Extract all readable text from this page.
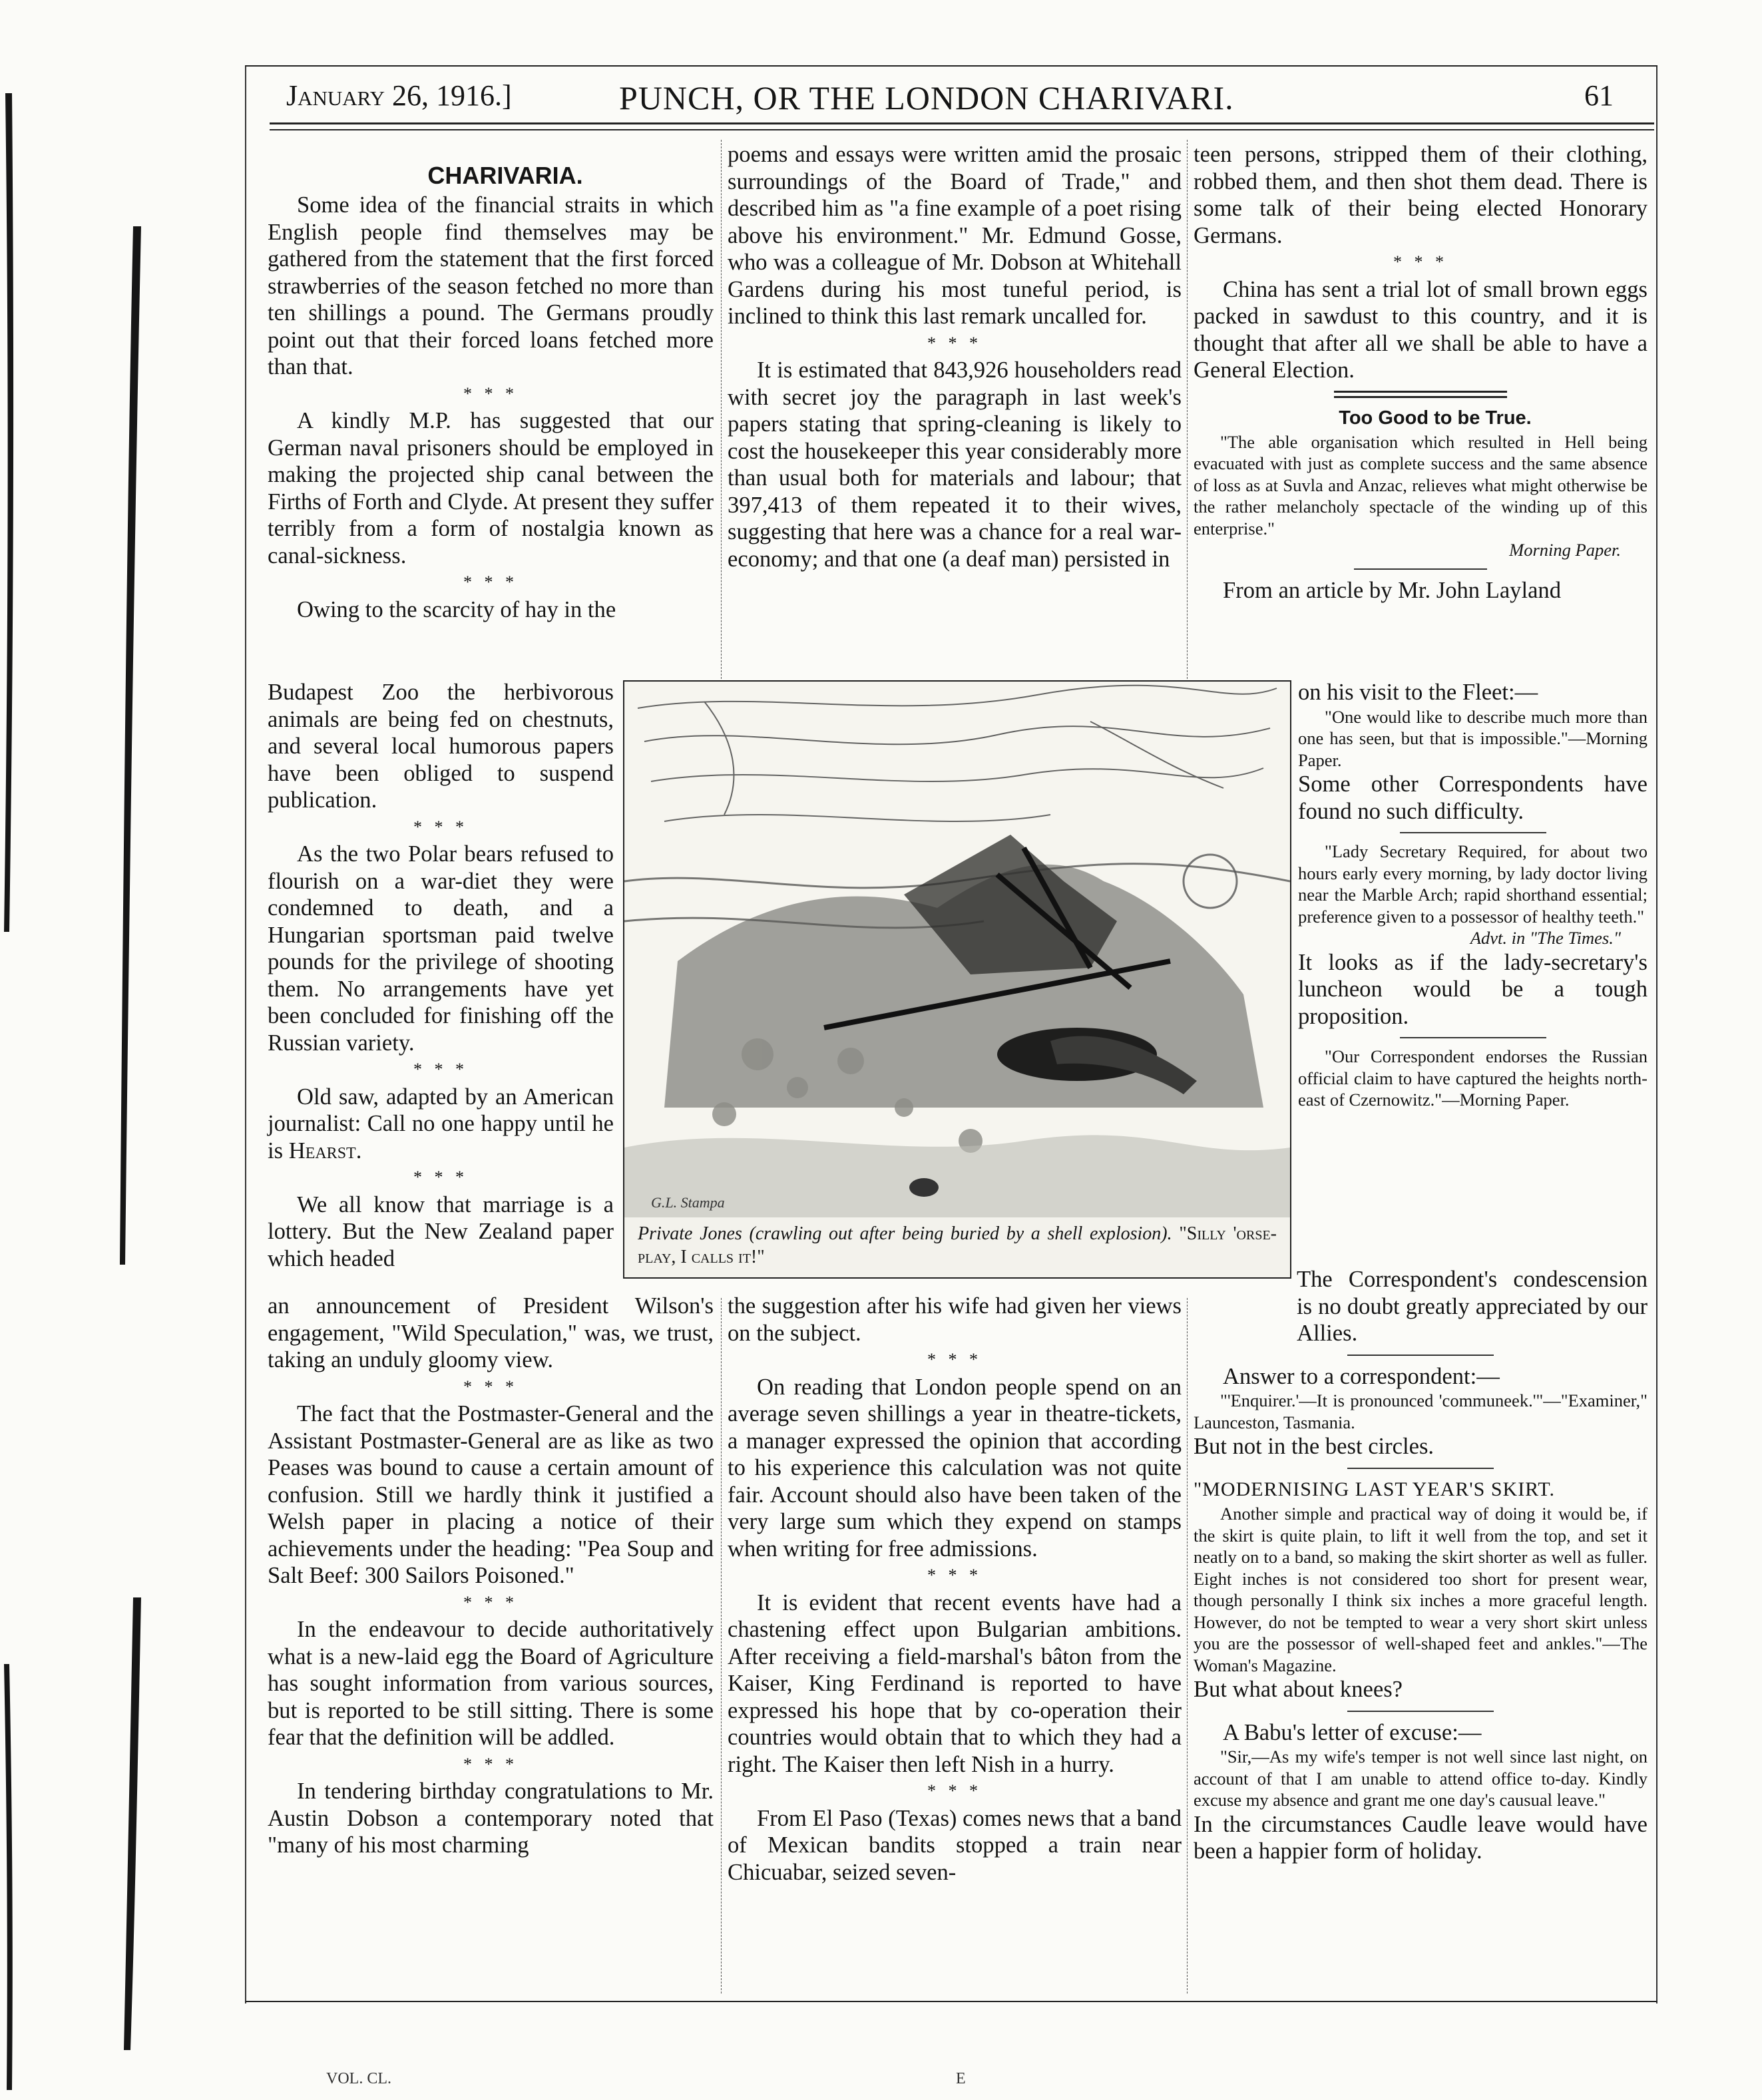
January 26, 1916.]	PUNCH, OR THE LONDON CHARIVARI.	61

CHARIVARIA.

Some idea of the financial straits in which English people find themselves may be gathered from the statement that the first forced strawberries of the season fetched no more than ten shillings a pound. The Germans proudly point out that their forced loans fetched more than that.

* * *

A kindly M.P. has suggested that our German naval prisoners should be employed in making the projected ship canal between the Firths of Forth and Clyde. At present they suffer terribly from a form of nostalgia known as canal-sickness.

* * *

Owing to the scarcity of hay in the

Budapest Zoo the herbivorous animals are being fed on chestnuts, and several local humorous papers have been obliged to suspend publication.

* * *

As the two Polar bears refused to flourish on a war-diet they were condemned to death, and a Hungarian sportsman paid twelve pounds for the privilege of shooting them. No arrangements have yet been concluded for finishing off the Russian variety.

* * *

Old saw, adapted by an American journalist: Call no one happy until he is Hearst.

* * *

We all know that marriage is a lottery. But the New Zealand paper which headed

an announcement of President Wilson's engagement, "Wild Speculation," was, we trust, taking an unduly gloomy view.

* * *

The fact that the Postmaster-General and the Assistant Postmaster-General are as like as two Peases was bound to cause a certain amount of confusion. Still we hardly think it justified a Welsh paper in placing a notice of their achievements under the heading: "Pea Soup and Salt Beef: 300 Sailors Poisoned."

* * *

In the endeavour to decide authoritatively what is a new-laid egg the Board of Agriculture has sought information from various sources, but is reported to be still sitting. There is some fear that the definition will be addled.

* * *

In tendering birthday congratulations to Mr. Austin Dobson a contemporary noted that "many of his most charming

poems and essays were written amid the prosaic surroundings of the Board of Trade," and described him as "a fine example of a poet rising above his environment." Mr. Edmund Gosse, who was a colleague of Mr. Dobson at Whitehall Gardens during his most tuneful period, is inclined to think this last remark uncalled for.

* * *

It is estimated that 843,926 householders read with secret joy the paragraph in last week's papers stating that spring-cleaning is likely to cost the housekeeper this year considerably more than usual both for materials and labour; that 397,413 of them repeated it to their wives, suggesting that here was a chance for a real war-economy; and that one (a deaf man) persisted in

the suggestion after his wife had given her views on the subject.

* * *

On reading that London people spend on an average seven shillings a year in theatre-tickets, a manager expressed the opinion that according to his experience this calculation was not quite fair. Account should also have been taken of the very large sum which they expend on stamps when writing for free admissions.

* * *

It is evident that recent events have had a chastening effect upon Bulgarian ambitions. After receiving a field-marshal's bâton from the Kaiser, King Ferdinand is reported to have expressed his hope that by co-operation their countries would obtain that to which they had a right. The Kaiser then left Nish in a hurry.

* * *

From El Paso (Texas) comes news that a band of Mexican bandits stopped a train near Chicuabar, seized seven-

teen persons, stripped them of their clothing, robbed them, and then shot them dead. There is some talk of their being elected Honorary Germans.

* * *

China has sent a trial lot of small brown eggs packed in sawdust to this country, and it is thought that after all we shall be able to have a General Election.

Too Good to be True.

"The able organisation which resulted in Hell being evacuated with just as complete success and the same absence of loss as at Suvla and Anzac, relieves what might otherwise be the rather melancholy spectacle of the winding up of this enterprise."

Morning Paper.

From an article by Mr. John Layland

on his visit to the Fleet:—

"One would like to describe much more than one has seen, but that is impossible."—Morning Paper.

Some other Correspondents have found no such difficulty.

"Lady Secretary Required, for about two hours early every morning, by lady doctor living near the Marble Arch; rapid shorthand essential; preference given to a possessor of healthy teeth."

Advt. in "The Times."

It looks as if the lady-secretary's luncheon would be a tough proposition.

"Our Correspondent endorses the Russian official claim to have captured the heights north-east of Czernowitz."—Morning Paper.

The Correspondent's condescension is no doubt greatly appreciated by our Allies.

Answer to a correspondent:—

"'Enquirer.'—It is pronounced 'communeek.'"—"Examiner," Launceston, Tasmania.

But not in the best circles.

"MODERNISING LAST YEAR'S SKIRT.

Another simple and practical way of doing it would be, if the skirt is quite plain, to lift it well from the top, and set it neatly on to a band, so making the skirt shorter as well as fuller. Eight inches is not considered too short for present wear, though personally I think six inches a more graceful length. However, do not be tempted to wear a very short skirt unless you are the possessor of well-shaped feet and ankles."—The Woman's Magazine.

But what about knees?

A Babu's letter of excuse:—

"Sir,—As my wife's temper is not well since last night, on account of that I am unable to attend office to-day. Kindly excuse my absence and grant me one day's causual leave."

In the circumstances Caudle leave would have been a happier form of holiday.

G.L. Stampa
Private Jones (crawling out after being buried by a shell explosion). "Silly 'orse-play, I calls it!"
VOL. CL.	E
